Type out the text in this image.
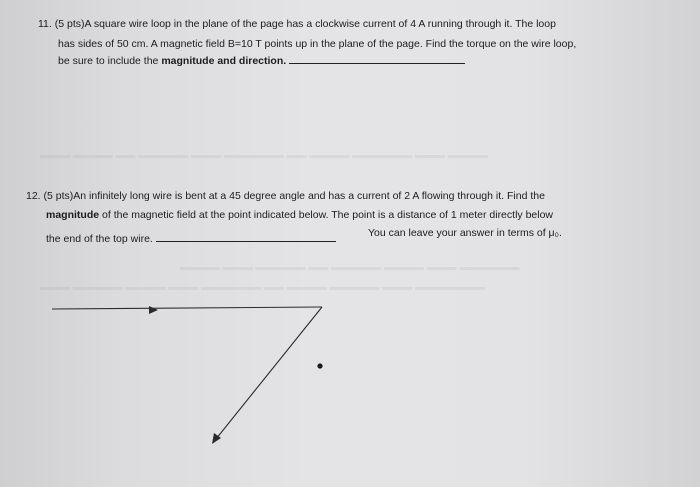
▬▬▬ ▬▬▬▬ ▬▬ ▬▬▬▬▬ ▬▬▬ ▬▬▬▬▬▬ ▬▬ ▬▬▬▬ ▬▬▬▬▬▬ ▬▬▬ ▬▬▬▬
▬▬▬▬ ▬▬▬ ▬▬▬▬▬ ▬▬ ▬▬▬▬▬ ▬▬▬▬ ▬▬▬ ▬▬▬▬▬▬
▬▬▬ ▬▬▬▬▬ ▬▬▬▬ ▬▬▬ ▬▬▬▬▬▬ ▬▬ ▬▬▬▬ ▬▬▬▬▬ ▬▬▬ ▬▬▬▬▬▬▬
11. (5 pts)A square wire loop in the plane of the page has a clockwise current of 4 A running through it. The loop
has sides of 50 cm. A magnetic field B=10 T points up in the plane of the page. Find the torque on the wire loop,
be sure to include the magnitude and direction.
12. (5 pts)An infinitely long wire is bent at a 45 degree angle and has a current of 2 A flowing through it. Find the
magnitude of the magnetic field at the point indicated below. The point is a distance of 1 meter directly below
the end of the top wire.	You can leave your answer in terms of μ₀.
